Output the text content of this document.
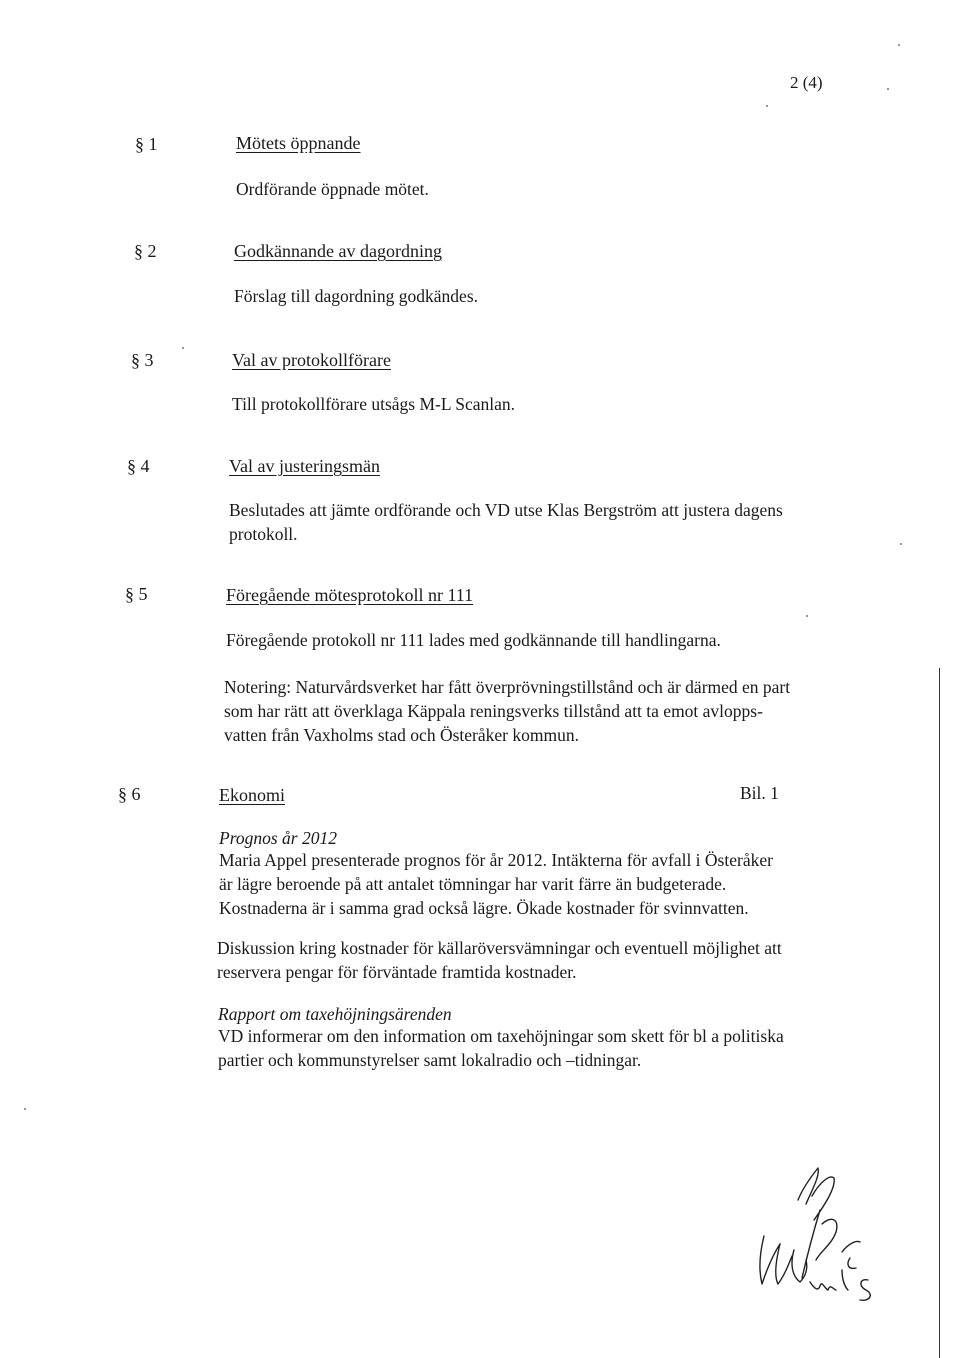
2 (4)
§ 1	Mötets öppnande
Ordförande öppnade mötet.
§ 2	Godkännande av dagordning
Förslag till dagordning godkändes.
§ 3	Val av protokollförare
Till protokollförare utsågs M-L Scanlan.
§ 4	Val av justeringsmän
Beslutades att jämte ordförande och VD utse Klas Bergström att justera dagens
protokoll.
§ 5	Föregående mötesprotokoll nr 111
Föregående protokoll nr 111 lades med godkännande till handlingarna.
Notering: Naturvårdsverket har fått överprövningstillstånd och är därmed en part
som har rätt att överklaga Käppala reningsverks tillstånd att ta emot avlopps-
vatten från Vaxholms stad och Österåker kommun.
§ 6	Ekonomi	Bil. 1
Prognos år 2012
Maria Appel presenterade prognos för år 2012. Intäkterna för avfall i Österåker
är lägre beroende på att antalet tömningar har varit färre än budgeterade.
Kostnaderna är i samma grad också lägre. Ökade kostnader för svinnvatten.
Diskussion kring kostnader för källaröversvämningar och eventuell möjlighet att
reservera pengar för förväntade framtida kostnader.
Rapport om taxehöjningsärenden
VD informerar om den information om taxehöjningar som skett för bl a politiska
partier och kommunstyrelser samt lokalradio och –tidningar.
